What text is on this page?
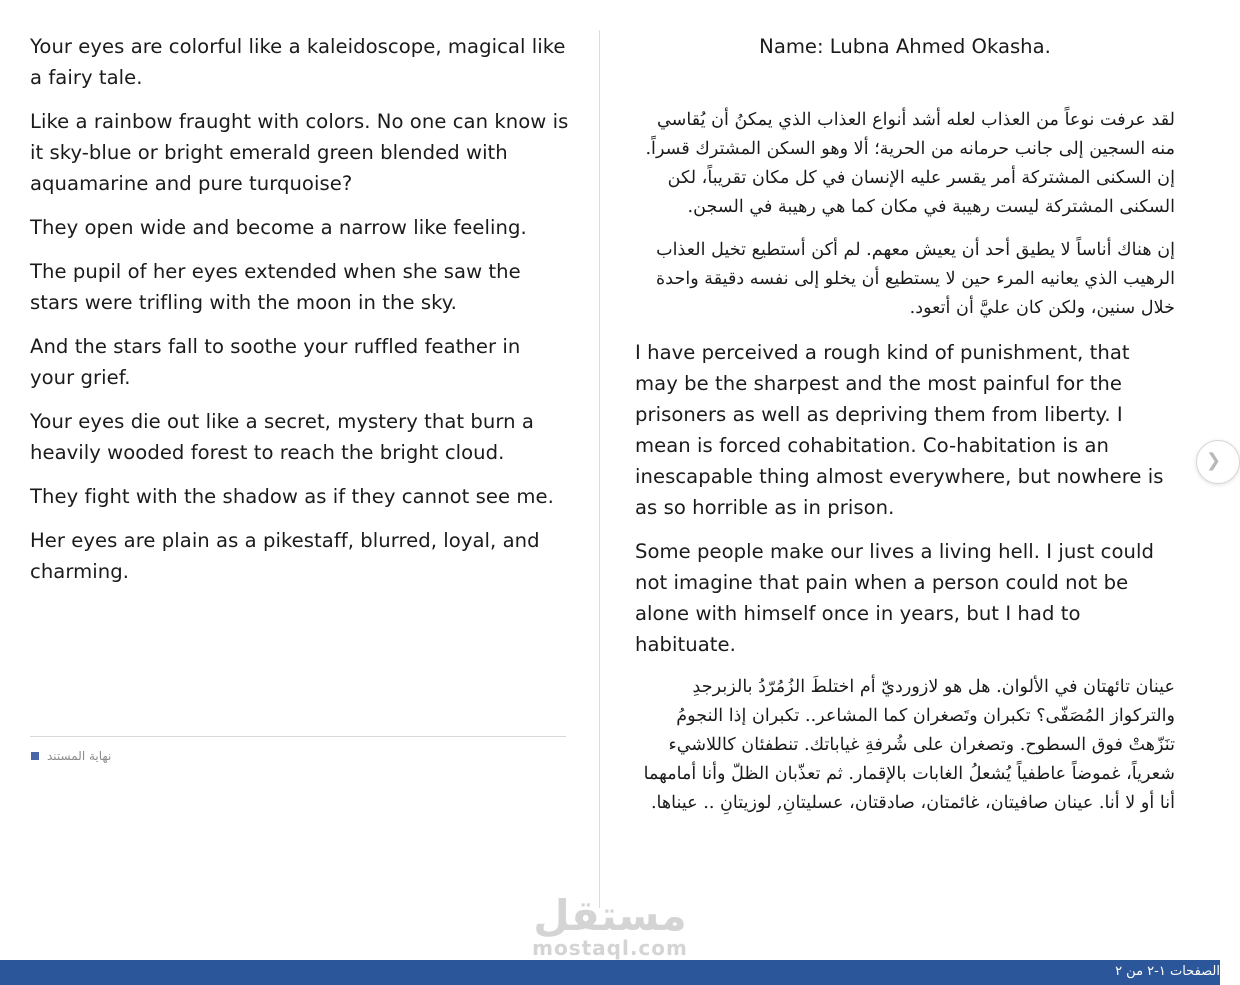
Your eyes are colorful like a kaleidoscope, magical like a fairy tale.

Like a rainbow fraught with colors. No one can know is it sky-blue or bright emerald green blended with aquamarine and pure turquoise?

They open wide and become a narrow like feeling.

The pupil of her eyes extended when she saw the stars were trifling with the moon in the sky.

And the stars fall to soothe your ruffled feather in your grief.

Your eyes die out like a secret, mystery that burn a heavily wooded forest to reach the bright cloud.

They fight with the shadow as if they cannot see me.

Her eyes are plain as a pikestaff, blurred, loyal, and charming.

نهاية المستند

Name: Lubna Ahmed Okasha.

لقد عرفت نوعاً من العذاب لعله أشد أنواع العذاب الذي يمكنُ أن يُقاسي منه السجين إلى جانب حرمانه من الحرية؛ ألا وهو السكن المشترك قسراً. إن السكنى المشتركة أمر يقسر عليه الإنسان في كل مكان تقريباً، لكن السكنى المشتركة ليست رهيبة في مكان كما هي رهيبة في السجن.

إن هناك أناساً لا يطيق أحد أن يعيش معهم. لم أكن أستطيع تخيل العذاب الرهيب الذي يعانيه المرء حين لا يستطيع أن يخلو إلى نفسه دقيقة واحدة خلال سنين، ولكن كان عليَّ أن أتعود.

I have perceived a rough kind of punishment, that may be the sharpest and the most painful for the prisoners as well as depriving them from liberty. I mean is forced cohabitation. Co-habitation is an inescapable thing almost everywhere, but nowhere is as so horrible as in prison.

Some people make our lives a living hell. I just could not imagine that pain when a person could not be alone with himself once in years, but I had to habituate.

عينان تائهتان في الألوان. هل هو لازورديّ أم اختلطَ الزُمُرّدُ بالزبرجدِ والتركواز المُصَفّى؟ تكبران وتَصغران كما المشاعر.. تكبران إذا النجومُ تنَزّهتْ فوق السطوح. وتصغران على شُرفةِ غياباتك. تنطفئان كاللاشيء شعرياً، غموضاً عاطفياً يُشعلُ الغابات بالإقمار. ثم تعذّبان الظلّ وأنا أمامهما أنا أو لا أنا. عينان صافيتان، غائمتان، صادقتان، عسليتانِ, لوزيتانِ .. عيناها.

❯
مستقل
mostaql.com
الصفحات ١-٢ من ٢
